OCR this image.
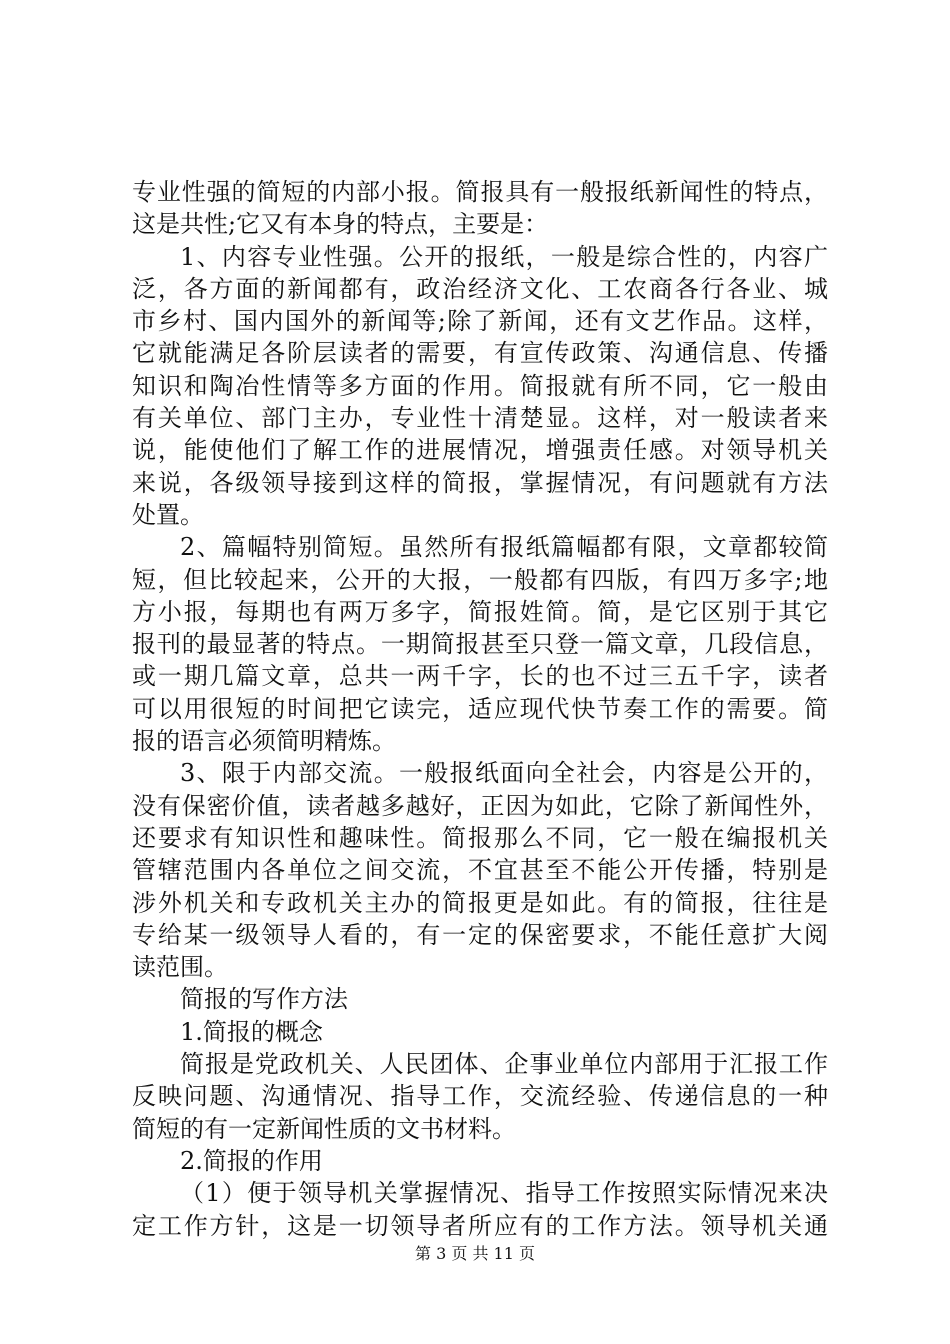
专业性强的简短的内部小报。简报具有一般报纸新闻性的特点，
这是共性;它又有本身的特点，主要是：
1、内容专业性强。公开的报纸，一般是综合性的，内容广
泛，各方面的新闻都有，政治经济文化、工农商各行各业、城
市乡村、国内国外的新闻等;除了新闻，还有文艺作品。这样，
它就能满足各阶层读者的需要，有宣传政策、沟通信息、传播
知识和陶冶性情等多方面的作用。简报就有所不同，它一般由
有关单位、部门主办，专业性十清楚显。这样，对一般读者来
说，能使他们了解工作的进展情况，增强责任感。对领导机关
来说，各级领导接到这样的简报，掌握情况，有问题就有方法
处置。
2、篇幅特别简短。虽然所有报纸篇幅都有限，文章都较简
短，但比较起来，公开的大报，一般都有四版，有四万多字;地
方小报，每期也有两万多字，简报姓简。简，是它区别于其它
报刊的最显著的特点。一期简报甚至只登一篇文章，几段信息，
或一期几篇文章，总共一两千字，长的也不过三五千字，读者
可以用很短的时间把它读完，适应现代快节奏工作的需要。简
报的语言必须简明精炼。
3、限于内部交流。一般报纸面向全社会，内容是公开的，
没有保密价值，读者越多越好，正因为如此，它除了新闻性外，
还要求有知识性和趣味性。简报那么不同，它一般在编报机关
管辖范围内各单位之间交流，不宜甚至不能公开传播，特别是
涉外机关和专政机关主办的简报更是如此。有的简报，往往是
专给某一级领导人看的，有一定的保密要求，不能任意扩大阅
读范围。
简报的写作方法
1.简报的概念
简报是党政机关、人民团体、企事业单位内部用于汇报工作
反映问题、沟通情况、指导工作，交流经验、传递信息的一种
简短的有一定新闻性质的文书材料。
2.简报的作用
（1）便于领导机关掌握情况、指导工作按照实际情况来决
定工作方针，这是一切领导者所应有的工作方法。领导机关通
第 3 页 共 11 页
